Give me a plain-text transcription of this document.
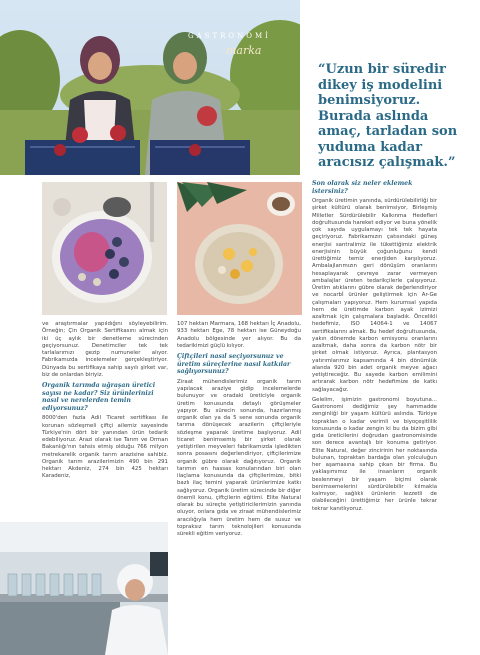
GASTRONOMİ
marka
“Uzun bir süredir dikey iş modelini benimsiyoruz. Burada aslında amaç, tarladan son yuduma kadar aracısız çalışmak.”

ve araştırmalar yapıldığını söyleyebilirim. Örneğin; Çin Organik Sertifikasını almak için iki üç aylık bir denetleme sürecinden geçiyorsunuz. Denetimciler tek tek tarlalarımızı gezip numuneler alıyor. Fabrikamızda incelemeler gerçekleştiriyor. Dünyada bu sertifikaya sahip sayılı şirket var, biz de onlardan biriyiz.

Organik tarımda uğraşan üretici sayısı ne kadar? Siz ürünlerinizi nasıl ve nerelerden temin ediyorsunuz?

8000'den fazla Adil Ticaret sertifikası ile korunan sözleşmeli çiftçi ailemiz sayesinde Türkiye'nin dört bir yanından ürün tedarik edebiliyoruz. Arazi olarak ise Tarım ve Orman Bakanlığı'nın tahsis etmiş olduğu 766 milyon metrekarelik organik tarım arazisine sahibiz. Organik tarım arazilerimizin 490 bin 291 hektarı Akdeniz, 274 bin 425 hektarı Karadeniz,

107 hektarı Marmara, 168 hektarı İç Anadolu, 933 hektarı Ege, 78 hektarı ise Güneydoğu Anadolu bölgesinde yer alıyor. Bu da tedarikimizi güçlü kılıyor.

Çiftçileri nasıl seçiyorsunuz ve üretim süreçlerine nasıl katkılar sağlıyorsunuz?

Ziraat mühendislerimiz organik tarım yapılacak araziye gidip incelemelerde bulunuyor ve oradaki üreticiyle organik üretim konusunda detaylı görüşmeler yapıyor. Bu sürecin sonunda, hazırlanmış organik olan ya da 5 sene sonunda organik tarıma dönüşecek arazilerin çiftçileriyle sözleşme yaparak üretime başlıyoruz. Adil ticaret benimsemiş bir şirket olarak yetiştirilen meyveleri fabrikamızda işledikten sonra posasını değerlendiriyor, çiftçilerimize organik gübre olarak dağıtıyoruz. Organik tarımın en hassas konularından biri olan ilaçlama konusunda da çiftçilerimize, bitki bazlı ilaç temini yaparak ürünlerimize katkı sağlıyoruz. Organik üretim sürecinde bir diğer önemli konu, çiftçilerin eğitimi. Elite Natural olarak bu süreçte yetiştiricilerimizin yanında oluyor, onlara gıda ve ziraat mühendislerimiz aracılığıyla hem üretim hem de susuz ve topraksız tarım teknolojileri konusunda sürekli eğitim veriyoruz.

Son olarak siz neler eklemek istersiniz?

Organik üretimin yanında, sürdürülebilirliği bir şirket kültürü olarak benimsiyor, Birleşmiş Milletler Sürdürülebilir Kalkınma Hedefleri doğrultusunda hareket ediyor ve buna yönelik çok sayıda uygulamayı tek tek hayata geçiriyoruz. Fabrikamızın çatısındaki güneş enerjisi santralimiz ile tükettiğimiz elektrik enerjisinin büyük çoğunluğunu kendi ürettiğimiz temiz enerjiden karşılıyoruz. Ambalajlarımızın geri dönüşüm oranlarını hesaplayarak çevreye zarar vermeyen ambalajlar üreten tedarikçilerle çalışıyoruz. Üretim atıklarını gübre olarak değerlendiriyor ve nocarbİ ürünler geliştirmek için Ar-Ge çalışmaları yapıyoruz. Hem kurumsal yapıda hem de üretimde karbon ayak izimizi azaltmak için çalışmalara başladık. Öncelikli hedefimiz, ISO 14064-1 ve 14067 sertifikalarını almak. Bu hedef doğrultusunda, yakın dönemde karbon emisyonu oranlarını azaltmak, daha sonra da karbon nötr bir şirket olmak istiyoruz. Ayrıca, plantasyon yatırımlarımız kapsamında 4 bin dönümlük alanda 920 bin adet organik meyve ağacı yetiştireceğiz. Bu sayede karbon emilimini artırarak karbon nötr hedefimize de katkı sağlayacağız.

Gelelim, işimizin gastronomi boyutuna... Gastronomi dediğimiz şey hammadde zenginliği bir yaşam kültürü aslında. Türkiye topraklan o kadar verimli ve biyoçeşitlilik konusunda o kadar zengin ki bu da bizim gibi gıda üreticilerini doğrudan gastronomisinde son derece avantajlı bir konuma getiriyor. Elite Natural, değer zincirinin her noktasında bulunan, topraktan bardağa olan yolculuğun her aşamasına sahip çıkan bir firma. Bu yaklaşımımız ile insanların organik beslenmeyi bir yaşam biçimi olarak benimsemelerini sürdürülebilir kılmakla kalmıyor, sağlıklı ürünlerin lezzetli de olabileceğini ürettiğimiz her ürünle tekrar tekrar kanıtlıyoruz.
